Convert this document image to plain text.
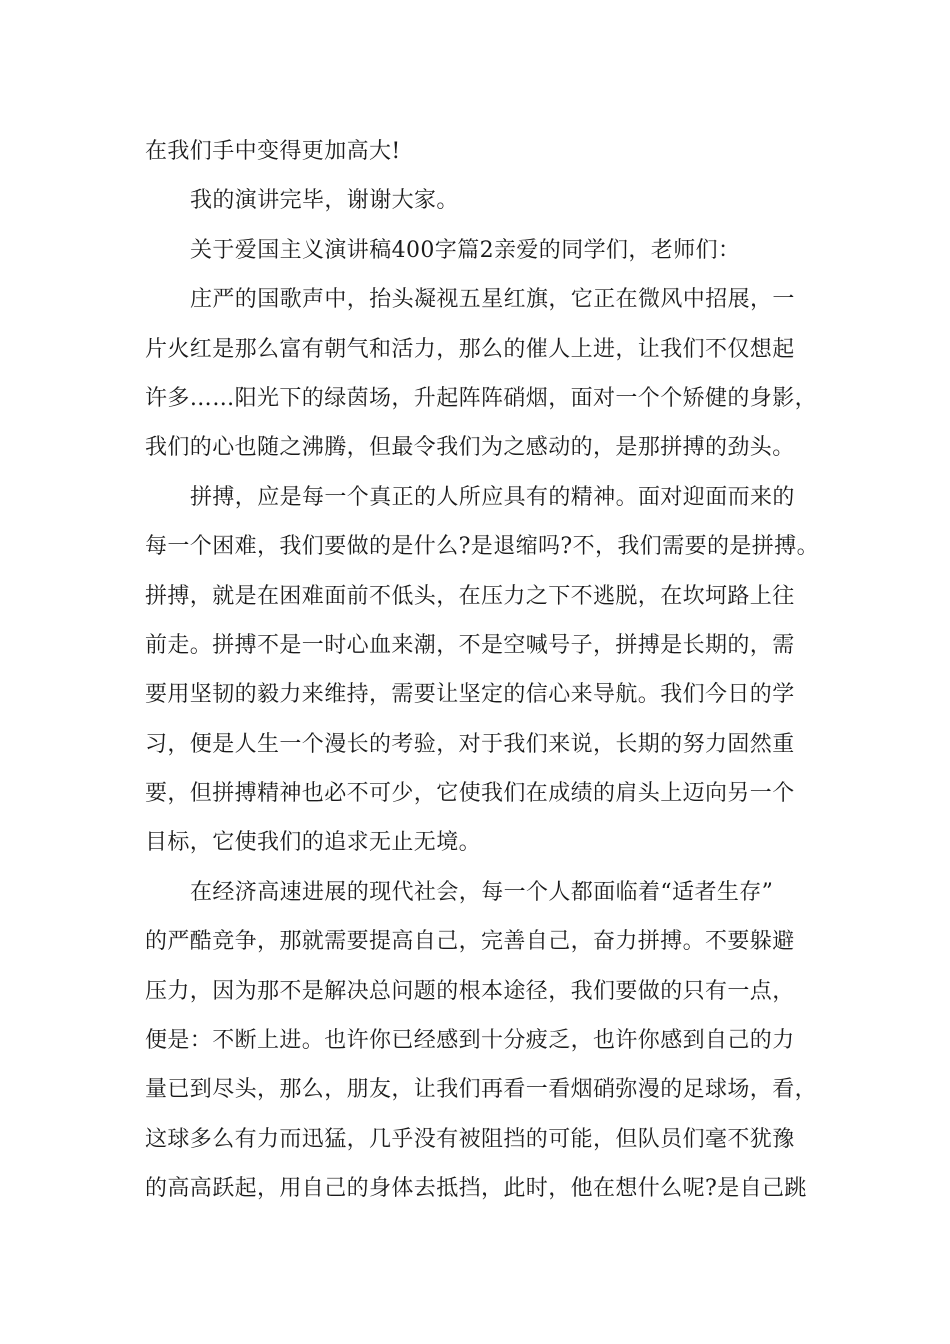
在我们手中变得更加高大!
我的演讲完毕，谢谢大家。
关于爱国主义演讲稿400字篇2亲爱的同学们，老师们：
庄严的国歌声中，抬头凝视五星红旗，它正在微风中招展，一
片火红是那么富有朝气和活力，那么的催人上进，让我们不仅想起
许多……阳光下的绿茵场，升起阵阵硝烟，面对一个个矫健的身影，
我们的心也随之沸腾，但最令我们为之感动的，是那拼搏的劲头。
拼搏，应是每一个真正的人所应具有的精神。面对迎面而来的
每一个困难，我们要做的是什么?是退缩吗?不，我们需要的是拼搏。
拼搏，就是在困难面前不低头，在压力之下不逃脱，在坎坷路上往
前走。拼搏不是一时心血来潮，不是空喊号子，拼搏是长期的，需
要用坚韧的毅力来维持，需要让坚定的信心来导航。我们今日的学
习，便是人生一个漫长的考验，对于我们来说，长期的努力固然重
要，但拼搏精神也必不可少，它使我们在成绩的肩头上迈向另一个
目标，它使我们的追求无止无境。
在经济高速进展的现代社会，每一个人都面临着“适者生存”
的严酷竞争，那就需要提高自己，完善自己，奋力拼搏。不要躲避
压力，因为那不是解决总问题的根本途径，我们要做的只有一点，
便是：不断上进。也许你已经感到十分疲乏，也许你感到自己的力
量已到尽头，那么，朋友，让我们再看一看烟硝弥漫的足球场，看，
这球多么有力而迅猛，几乎没有被阻挡的可能，但队员们毫不犹豫
的高高跃起，用自己的身体去抵挡，此时，他在想什么呢?是自己跳
